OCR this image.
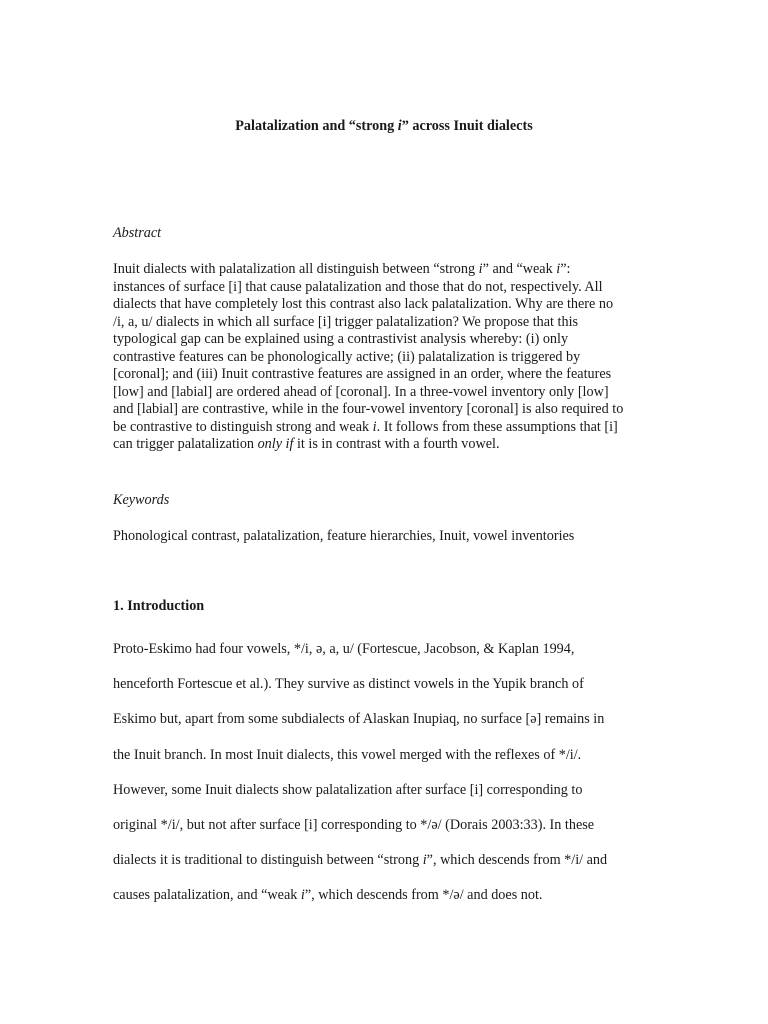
Palatalization and “strong i” across Inuit dialects
Abstract
Inuit dialects with palatalization all distinguish between “strong i” and “weak i”:
instances of surface [i] that cause palatalization and those that do not, respectively. All
dialects that have completely lost this contrast also lack palatalization. Why are there no
/i, a, u/ dialects in which all surface [i] trigger palatalization? We propose that this
typological gap can be explained using a contrastivist analysis whereby: (i) only
contrastive features can be phonologically active; (ii) palatalization is triggered by
[coronal]; and (iii) Inuit contrastive features are assigned in an order, where the features
[low] and [labial] are ordered ahead of [coronal]. In a three-vowel inventory only [low]
and [labial] are contrastive, while in the four-vowel inventory [coronal] is also required to
be contrastive to distinguish strong and weak i. It follows from these assumptions that [i]
can trigger palatalization only if it is in contrast with a fourth vowel.
Keywords
Phonological contrast, palatalization, feature hierarchies, Inuit, vowel inventories
1. Introduction
Proto-Eskimo had four vowels, */i, ə, a, u/ (Fortescue, Jacobson, & Kaplan 1994,
henceforth Fortescue et al.). They survive as distinct vowels in the Yupik branch of
Eskimo but, apart from some subdialects of Alaskan Inupiaq, no surface [ə] remains in
the Inuit branch. In most Inuit dialects, this vowel merged with the reflexes of */i/.
However, some Inuit dialects show palatalization after surface [i] corresponding to
original */i/, but not after surface [i] corresponding to */ə/ (Dorais 2003:33). In these
dialects it is traditional to distinguish between “strong i”, which descends from */i/ and
causes palatalization, and “weak i”, which descends from */ə/ and does not.
